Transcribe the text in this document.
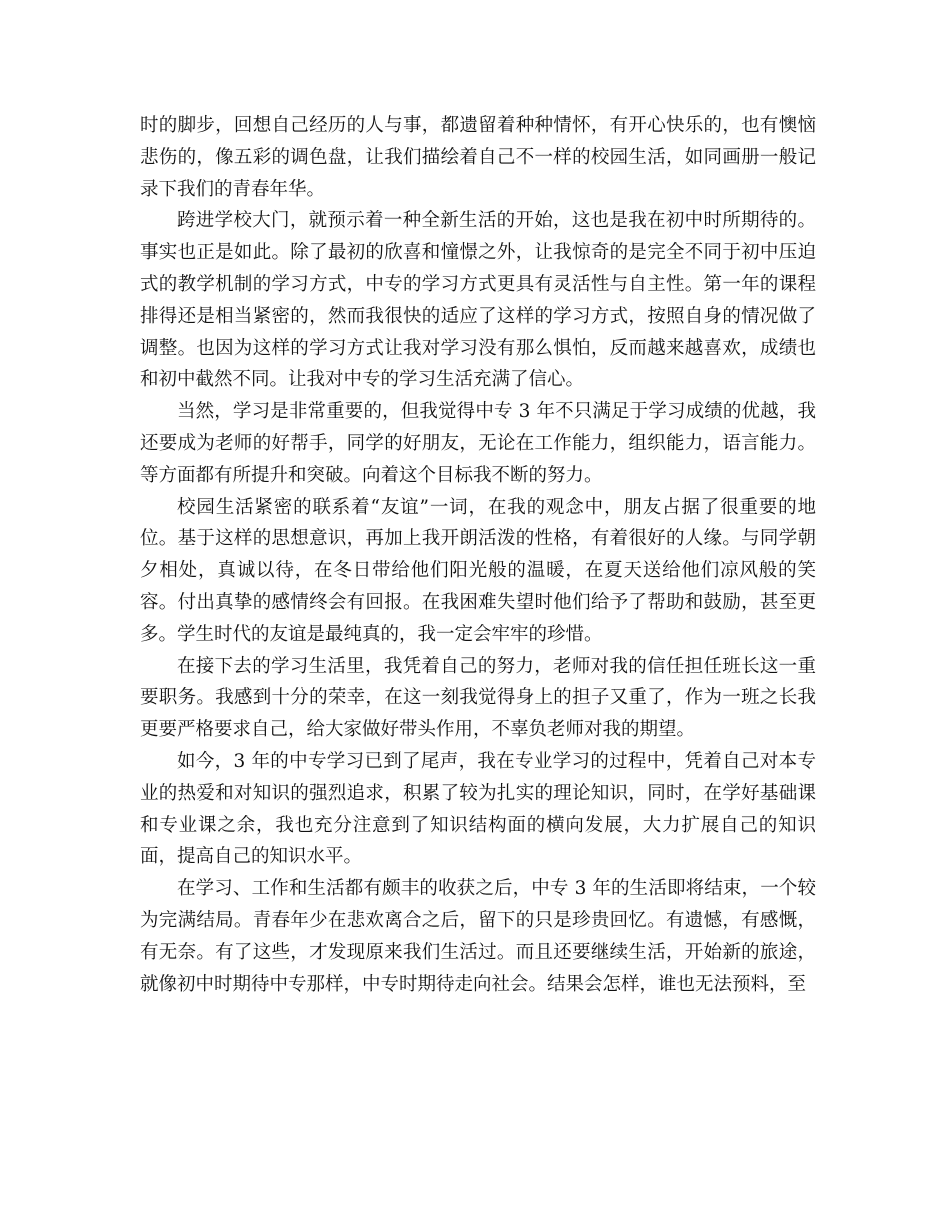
时的脚步，回想自己经历的人与事，都遗留着种种情怀，有开心快乐的，也有懊恼悲伤的，像五彩的调色盘，让我们描绘着自己不一样的校园生活，如同画册一般记录下我们的青春年华。

跨进学校大门，就预示着一种全新生活的开始，这也是我在初中时所期待的。事实也正是如此。除了最初的欣喜和憧憬之外，让我惊奇的是完全不同于初中压迫式的教学机制的学习方式，中专的学习方式更具有灵活性与自主性。第一年的课程排得还是相当紧密的，然而我很快的适应了这样的学习方式，按照自身的情况做了调整。也因为这样的学习方式让我对学习没有那么惧怕，反而越来越喜欢，成绩也和初中截然不同。让我对中专的学习生活充满了信心。

当然，学习是非常重要的，但我觉得中专 3 年不只满足于学习成绩的优越，我还要成为老师的好帮手，同学的好朋友，无论在工作能力，组织能力，语言能力。等方面都有所提升和突破。向着这个目标我不断的努力。

校园生活紧密的联系着“友谊”一词，在我的观念中，朋友占据了很重要的地位。基于这样的思想意识，再加上我开朗活泼的性格，有着很好的人缘。与同学朝夕相处，真诚以待，在冬日带给他们阳光般的温暖，在夏天送给他们凉风般的笑容。付出真挚的感情终会有回报。在我困难失望时他们给予了帮助和鼓励，甚至更多。学生时代的友谊是最纯真的，我一定会牢牢的珍惜。

在接下去的学习生活里，我凭着自己的努力，老师对我的信任担任班长这一重要职务。我感到十分的荣幸，在这一刻我觉得身上的担子又重了，作为一班之长我更要严格要求自己，给大家做好带头作用，不辜负老师对我的期望。

如今，3 年的中专学习已到了尾声，我在专业学习的过程中，凭着自己对本专业的热爱和对知识的强烈追求，积累了较为扎实的理论知识，同时，在学好基础课和专业课之余，我也充分注意到了知识结构面的横向发展，大力扩展自己的知识面，提高自己的知识水平。

在学习、工作和生活都有颇丰的收获之后，中专 3 年的生活即将结束，一个较为完满结局。青春年少在悲欢离合之后，留下的只是珍贵回忆。有遗憾，有感慨，有无奈。有了这些，才发现原来我们生活过。而且还要继续生活，开始新的旅途，就像初中时期待中专那样，中专时期待走向社会。结果会怎样，谁也无法预料，至
